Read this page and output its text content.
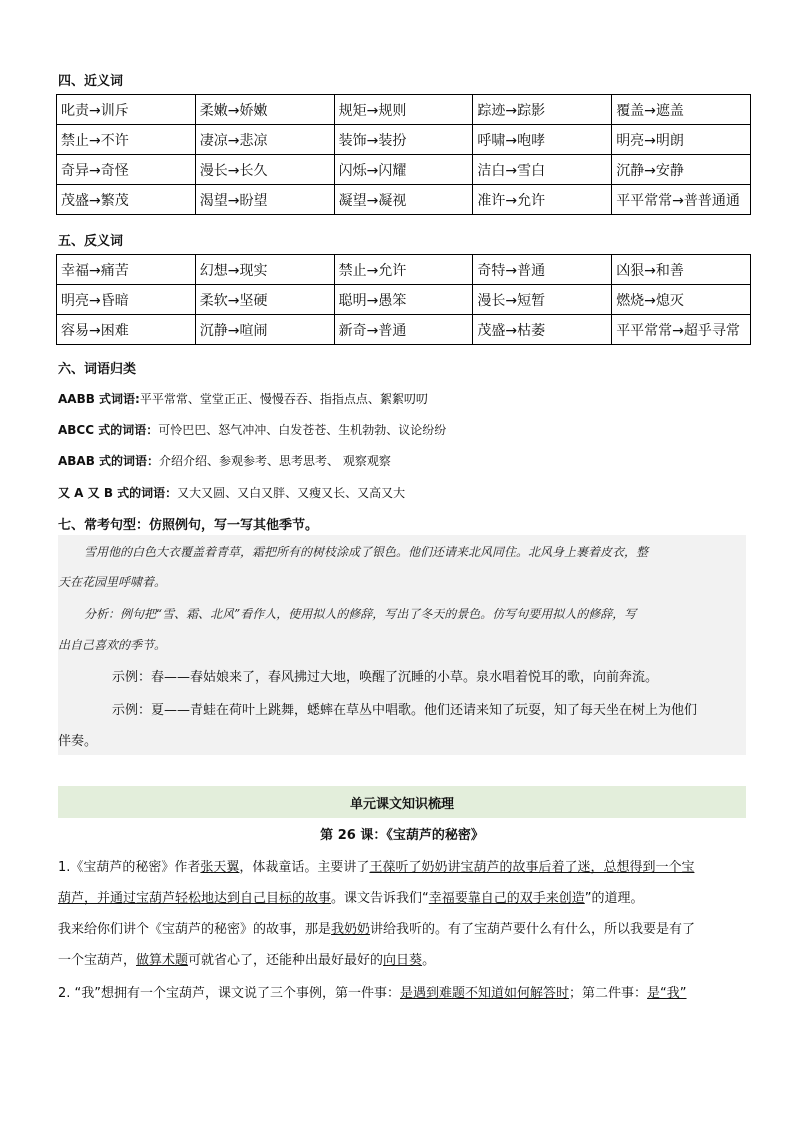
四、近义词
叱责→训斥	柔嫩→娇嫩	规矩→规则	踪迹→踪影	覆盖→遮盖
禁止→不许	凄凉→悲凉	装饰→装扮	呼啸→咆哮	明亮→明朗
奇异→奇怪	漫长→长久	闪烁→闪耀	洁白→雪白	沉静→安静
茂盛→繁茂	渴望→盼望	凝望→凝视	准许→允许	平平常常→普普通通
五、反义词
幸福→痛苦	幻想→现实	禁止→允许	奇特→普通	凶狠→和善
明亮→昏暗	柔软→坚硬	聪明→愚笨	漫长→短暂	燃烧→熄灭
容易→困难	沉静→喧闹	新奇→普通	茂盛→枯萎	平平常常→超乎寻常
六、词语归类
AABB 式词语:平平常常、堂堂正正、慢慢吞吞、指指点点、絮絮叨叨
ABCC 式的词语：可怜巴巴、怒气冲冲、白发苍苍、生机勃勃、议论纷纷
ABAB 式的词语：介绍介绍、参观参考、思考思考、 观察观察
又 A 又 B 式的词语：又大又圆、又白又胖、又瘦又长、又高又大
七、常考句型：仿照例句，写一写其他季节。
雪用他的白色大衣覆盖着青草，霜把所有的树枝涂成了银色。他们还请来北风同住。北风身上裹着皮衣，整
天在花园里呼啸着。
分析：例句把“雪、霜、北风”看作人，使用拟人的修辞，写出了冬天的景色。仿写句要用拟人的修辞，写
出自己喜欢的季节。
示例：春——春姑娘来了，春风拂过大地，唤醒了沉睡的小草。泉水唱着悦耳的歌，向前奔流。
示例：夏——青蛙在荷叶上跳舞，蟋蟀在草丛中唱歌。他们还请来知了玩耍，知了每天坐在树上为他们
伴奏。
单元课文知识梳理
第 26 课：《宝葫芦的秘密》
1.《宝葫芦的秘密》作者张天翼，体裁童话。主要讲了王葆听了奶奶讲宝葫芦的故事后着了迷，总想得到一个宝
葫芦，并通过宝葫芦轻松地达到自己目标的故事。课文告诉我们“幸福要靠自己的双手来创造”的道理。
我来给你们讲个《宝葫芦的秘密》的故事，那是我奶奶讲给我听的。有了宝葫芦要什么有什么，所以我要是有了
一个宝葫芦，做算术题可就省心了，还能种出最好最好的向日葵。
2. “我”想拥有一个宝葫芦，课文说了三个事例，第一件事：是遇到难题不知道如何解答时；第二件事：是“我”
